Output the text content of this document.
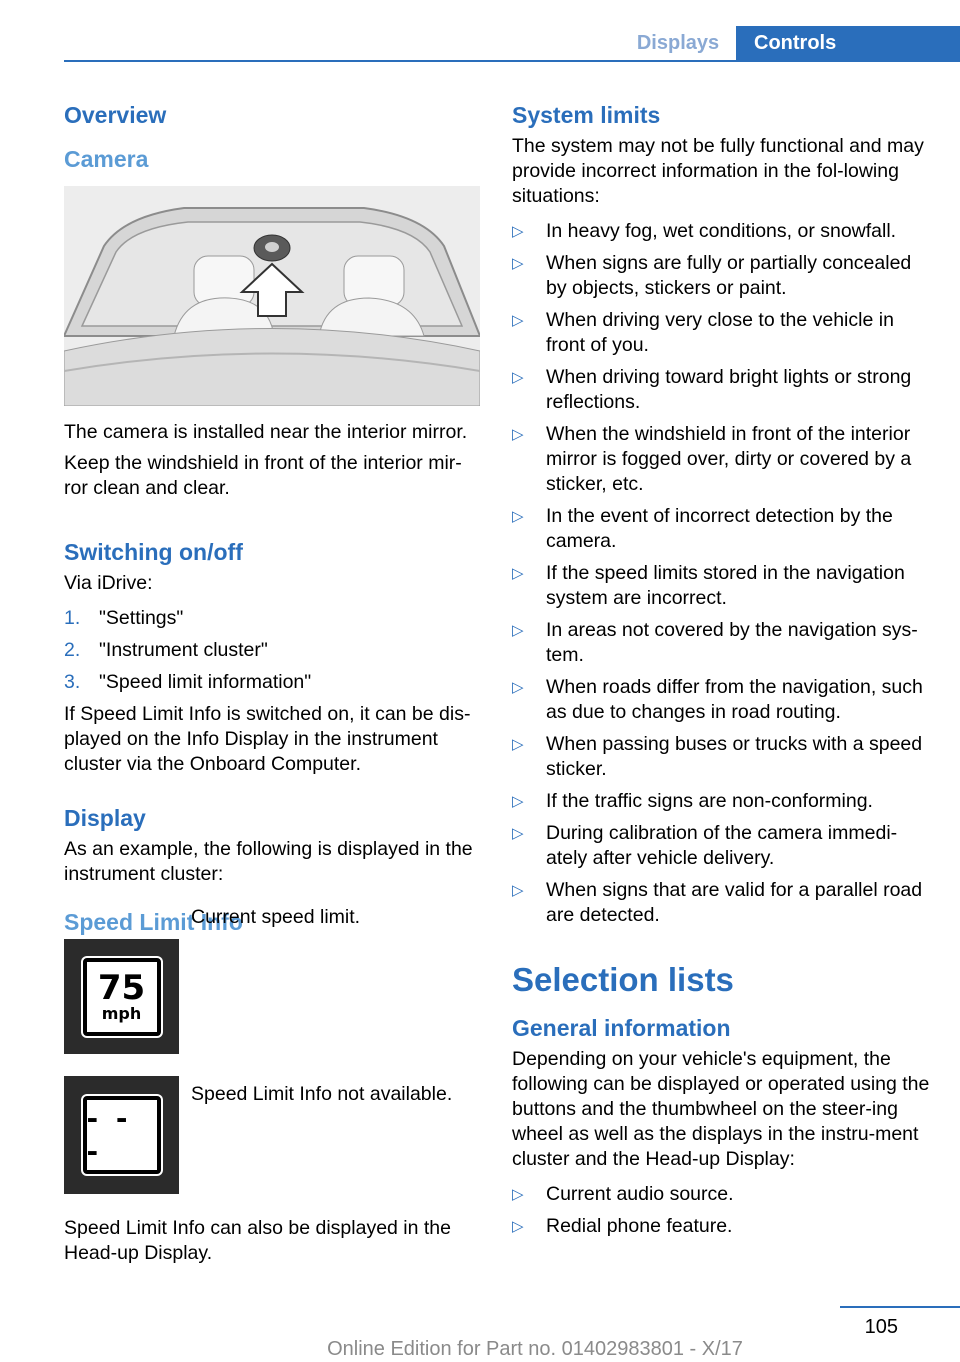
Displays	Controls
Overview
Camera

The camera is installed near the interior mirror.

Keep the windshield in front of the interior mir-ror clean and clear.

Switching on/off

Via iDrive:

1. "Settings"
2. "Instrument cluster"
3. "Speed limit information"

If Speed Limit Info is switched on, it can be dis-played on the Info Display in the instrument cluster via the Onboard Computer.

Display

As an example, the following is displayed in the instrument cluster:

Speed Limit Info
75
mph
Current speed limit.
- - -
Speed Limit Info not available.

Speed Limit Info can also be displayed in the Head-up Display.

System limits

The system may not be fully functional and may provide incorrect information in the fol-lowing situations:

▷	In heavy fog, wet conditions, or snowfall.
▷	When signs are fully or partially concealed by objects, stickers or paint.
▷	When driving very close to the vehicle in front of you.
▷	When driving toward bright lights or strong reflections.
▷	When the windshield in front of the interior mirror is fogged over, dirty or covered by a sticker, etc.
▷	In the event of incorrect detection by the camera.
▷	If the speed limits stored in the navigation system are incorrect.
▷	In areas not covered by the navigation sys-tem.
▷	When roads differ from the navigation, such as due to changes in road routing.
▷	When passing buses or trucks with a speed sticker.
▷	If the traffic signs are non-conforming.
▷	During calibration of the camera immedi-ately after vehicle delivery.
▷	When signs that are valid for a parallel road are detected.
Selection lists
General information

Depending on your vehicle's equipment, the following can be displayed or operated using the buttons and the thumbwheel on the steer-ing wheel as well as the displays in the instru-ment cluster and the Head-up Display:

▷	Current audio source.
▷	Redial phone feature.
105
Online Edition for Part no. 01402983801 - X/17
